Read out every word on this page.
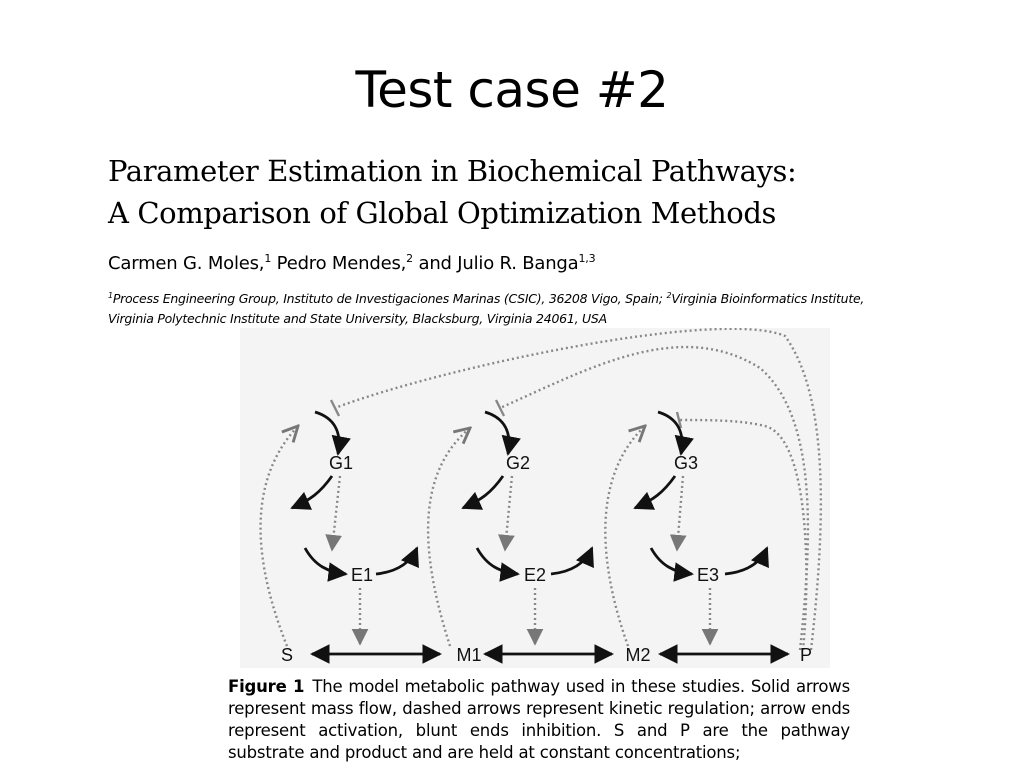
Test case #2
Parameter Estimation in Biochemical Pathways:
A Comparison of Global Optimization Methods
Carmen G. Moles,$^1$ Pedro Mendes,$^2$ and Julio R. Banga$^{1,3}$
$^1$Process Engineering Group, Instituto de Investigaciones Marinas (CSIC), 36208 Vigo, Spain; $^2$Virginia Bioinformatics Institute,
Virginia Polytechnic Institute and State University, Blacksburg, Virginia 24061, USA
G1	G2	G3
E1	E2	E3
S	M1	M2	P
Figure 1 The model metabolic pathway used in these studies. Solid arrows represent mass flow, dashed arrows represent kinetic regulation; arrow ends represent activation, blunt ends inhibition. S and P are the pathway substrate and product and are held at constant concentrations;
